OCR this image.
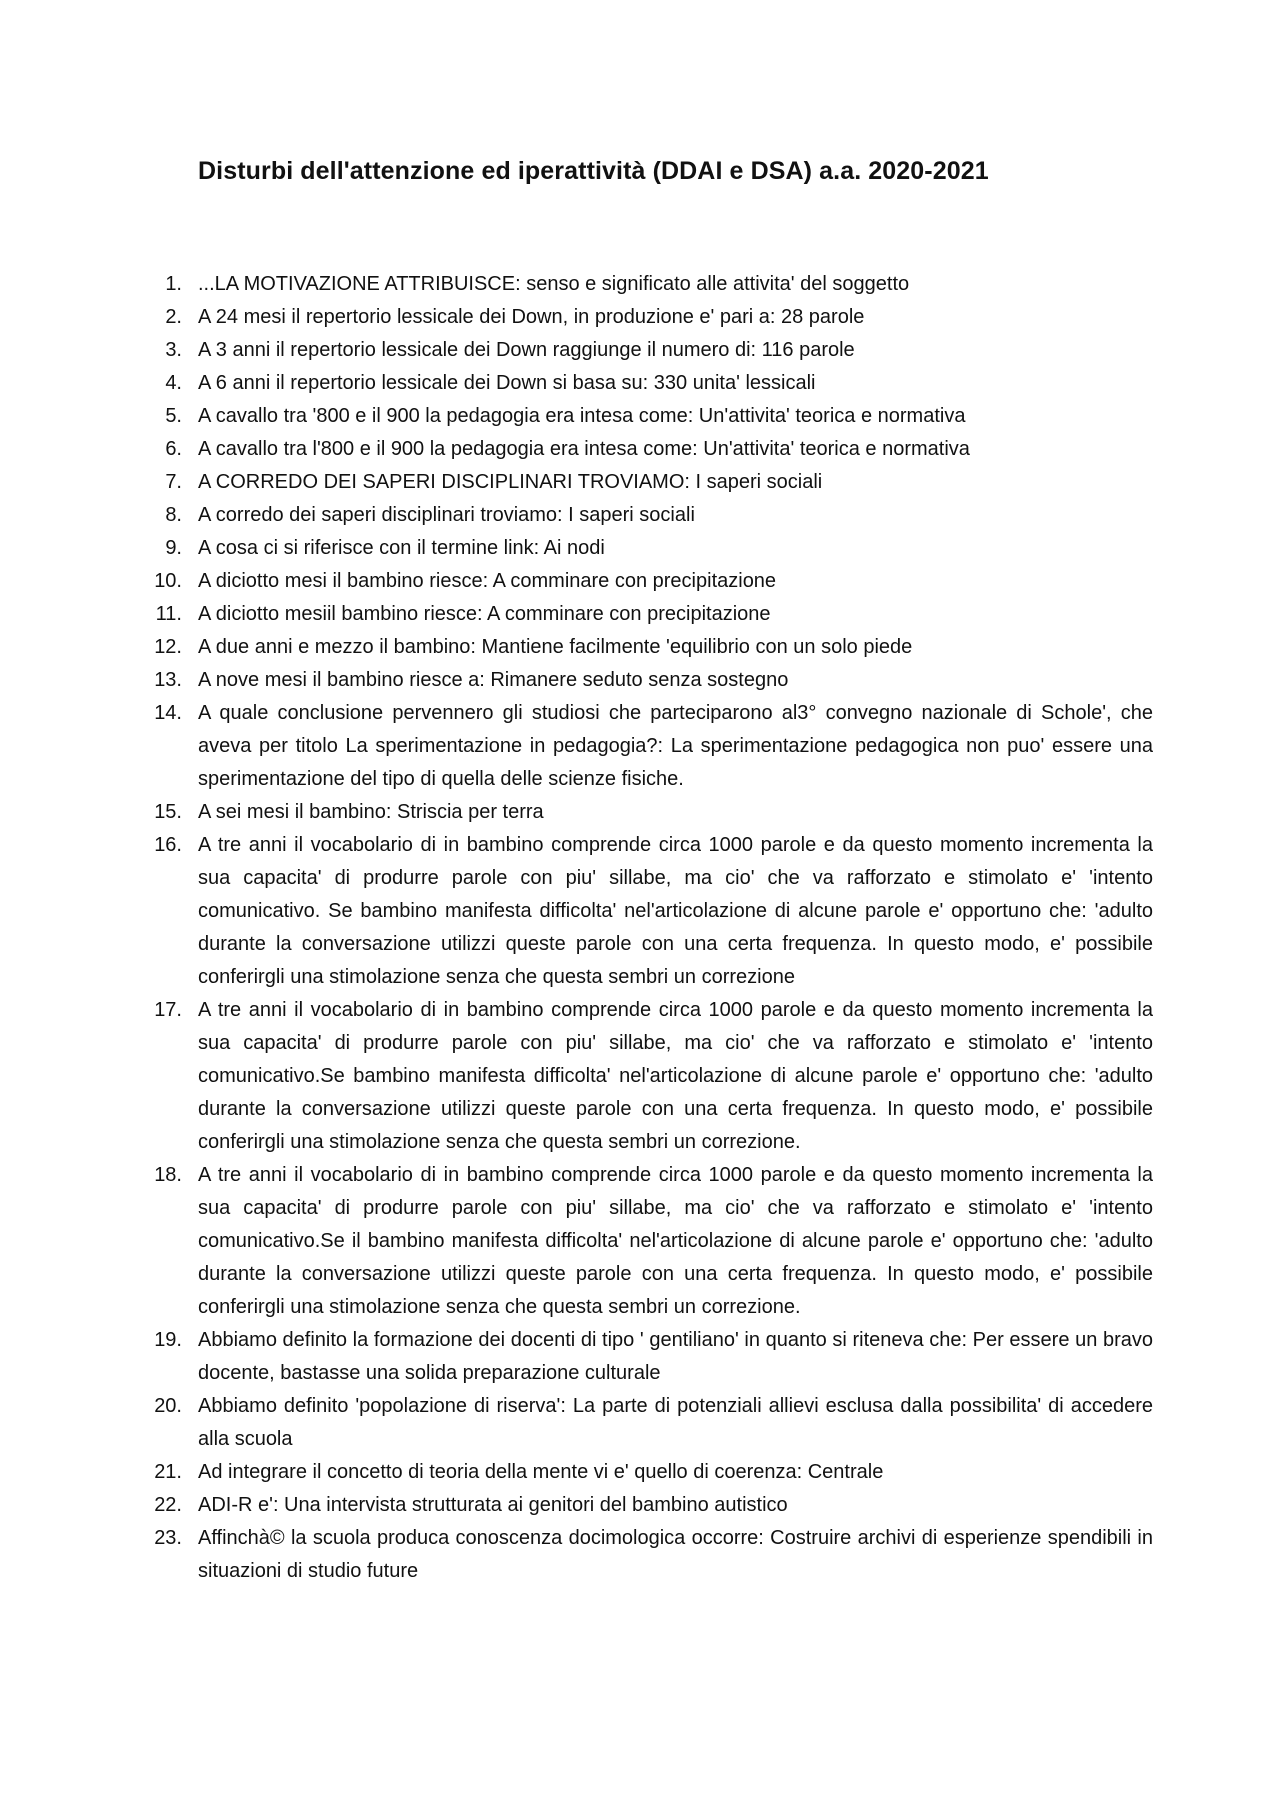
Disturbi dell'attenzione ed iperattività (DDAI e DSA) a.a. 2020-2021
1. ...LA MOTIVAZIONE ATTRIBUISCE: senso e significato alle attivita' del soggetto
2. A 24 mesi il repertorio lessicale dei Down, in produzione e' pari a: 28 parole
3. A 3 anni il repertorio lessicale dei Down raggiunge il numero di: 116 parole
4. A 6 anni il repertorio lessicale dei Down si basa su: 330 unita' lessicali
5. A cavallo tra '800 e il 900 la pedagogia era intesa come: Un'attivita' teorica e normativa
6. A cavallo tra l'800 e il 900 la pedagogia era intesa come: Un'attivita' teorica e normativa
7. A CORREDO DEI SAPERI DISCIPLINARI TROVIAMO: I saperi sociali
8. A corredo dei saperi disciplinari troviamo: I saperi sociali
9. A cosa ci si riferisce con il termine link: Ai nodi
10. A diciotto mesi il bambino riesce: A comminare con precipitazione
11. A diciotto mesiil bambino riesce: A comminare con precipitazione
12. A due anni e mezzo il bambino: Mantiene facilmente 'equilibrio con un solo piede
13. A nove mesi il bambino riesce a: Rimanere seduto senza sostegno
14. A quale conclusione pervennero gli studiosi che parteciparono al3° convegno nazionale di Schole', che aveva per titolo La sperimentazione in pedagogia?: La sperimentazione pedagogica non puo' essere una sperimentazione del tipo di quella delle scienze fisiche.
15. A sei mesi il bambino: Striscia per terra
16. A tre anni il vocabolario di in bambino comprende circa 1000 parole e da questo momento incrementa la sua capacita' di produrre parole con piu' sillabe, ma cio' che va rafforzato e stimolato e' 'intento comunicativo. Se bambino manifesta difficolta' nel'articolazione di alcune parole e' opportuno che: 'adulto durante la conversazione utilizzi queste parole con una certa frequenza. In questo modo, e' possibile conferirgli una stimolazione senza che questa sembri un correzione
17. A tre anni il vocabolario di in bambino comprende circa 1000 parole e da questo momento incrementa la sua capacita' di produrre parole con piu' sillabe, ma cio' che va rafforzato e stimolato e' 'intento comunicativo.Se bambino manifesta difficolta' nel'articolazione di alcune parole e' opportuno che: 'adulto durante la conversazione utilizzi queste parole con una certa frequenza. In questo modo, e' possibile conferirgli una stimolazione senza che questa sembri un correzione.
18. A tre anni il vocabolario di in bambino comprende circa 1000 parole e da questo momento incrementa la sua capacita' di produrre parole con piu' sillabe, ma cio' che va rafforzato e stimolato e' 'intento comunicativo.Se il bambino manifesta difficolta' nel'articolazione di alcune parole e' opportuno che: 'adulto durante la conversazione utilizzi queste parole con una certa frequenza. In questo modo, e' possibile conferirgli una stimolazione senza che questa sembri un correzione.
19. Abbiamo definito la formazione dei docenti di tipo ' gentiliano' in quanto si riteneva che: Per essere un bravo docente, bastasse una solida preparazione culturale
20. Abbiamo definito 'popolazione di riserva': La parte di potenziali allievi esclusa dalla possibilita' di accedere alla scuola
21. Ad integrare il concetto di teoria della mente vi e' quello di coerenza: Centrale
22. ADI-R e': Una intervista strutturata ai genitori del bambino autistico
23. Affinchà© la scuola produca conoscenza docimologica occorre: Costruire archivi di esperienze spendibili in situazioni di studio future
